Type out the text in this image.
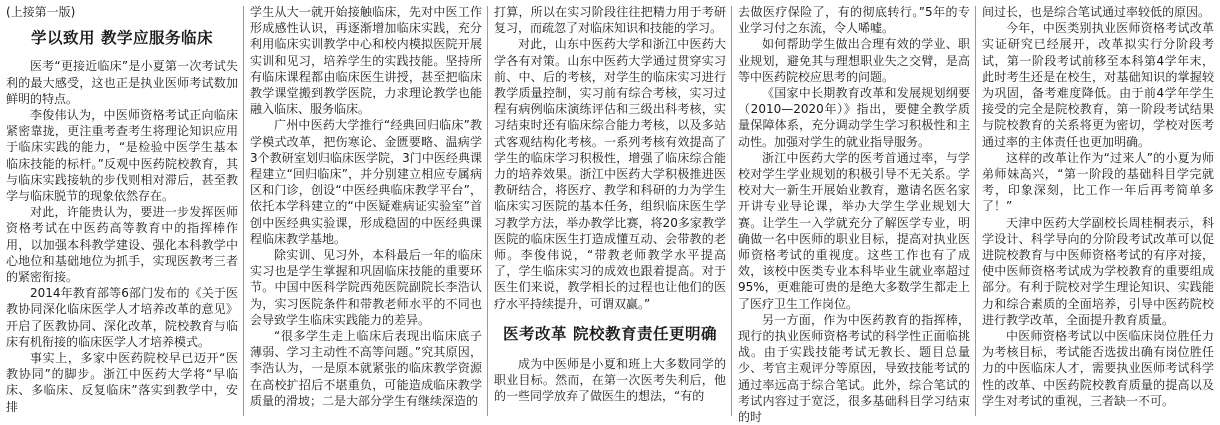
(上接第一版)
学以致用 教学应服务临床

医考“更接近临床”是小夏第一次考试失利的最大感受，这也正是执业医师考试数加鲜明的特点。

李俊伟认为，中医师资格考试正向临床紧密靠拢，更注重考查考生将理论知识应用于临床实践的能力，“是检验中医学生基本临床技能的标杆。”反观中医药院校教育，其与临床实践接轨的步伐则相对滞后，甚至教学与临床脱节的现象依然存在。

对此，许能贵认为，要进一步发挥医师资格考试在中医药高等教育中的指挥棒作用，以加强本科教学建设、强化本科教学中心地位和基础地位为抓手，实现医教考三者的紧密衔接。

2014年教育部等6部门发布的《关于医教协同深化临床医学人才培养改革的意见》开启了医教协同、深化改革，院校教育与临床有机衔接的临床医学人才培养模式。

事实上，多家中医药院校早已迈开“医教协同”的脚步。浙江中医药大学将“早临床、多临床、反复临床”落实到教学中，安排

学生从大一就开始接触临床，先对中医工作形成感性认识，再逐渐增加临床实践，充分利用临床实训教学中心和校内模拟医院开展实训和见习，培养学生的实践技能。坚持所有临床课程都由临床医生讲授，甚至把临床教学课堂搬到教学医院，力求理论教学也能融入临床、服务临床。

广州中医药大学推行“经典回归临床”教学模式改革，把伤寒论、金匮要略、温病学3个教研室划归临床医学院，3门中医经典课程建立“回归临床”，并分别建立相应专属病区和门诊，创设“中医经典临床教学平台”，依托本学科建立的“中医疑难病证实验室”首创中医经典实验课，形成稳固的中医经典课程临床教学基地。

除实训、见习外，本科最后一年的临床实习也是学生掌握和巩固临床技能的重要环节。中国中医科学院西苑医院副院长李浩认为，实习医院条件和带教老师水平的不同也会导致学生临床实践能力的差异。

“很多学生走上临床后表现出临床底子薄弱、学习主动性不高等问题。”究其原因，李浩认为，一是原本就紧张的临床教学资源在高校扩招后不堪重负，可能造成临床教学质量的滑坡；二是大部分学生有继续深造的

打算，所以在实习阶段往往把精力用于考研复习，而疏忽了对临床知识和技能的学习。

对此，山东中医药大学和浙江中医药大学各有对策。山东中医药大学通过贯穿实习前、中、后的考核，对学生的临床实习进行教学质量控制，实习前有综合考核，实习过程有病例临床演练评估和三级出科考核，实习结束时还有临床综合能力考核，以及多站式客观结构化考核。一系列考核有效提高了学生的临床学习积极性，增强了临床综合能力的培养效果。浙江中医药大学积极推进医教研结合，将医疗、教学和科研的力为学生临床实习医院的基本任务，组织临床医生学习教学方法，举办教学比赛，将20多家教学医院的临床医生打造成懂互动、会带教的老师。李俊伟说，“带教老师教学水平提高了，学生临床实习的成效也跟着提高。对于医生们来说，教学相长的过程也让他们的医疗水平持续提升，可谓双赢。”

医考改革 院校教育责任更明确

成为中医师是小夏和班上大多数同学的职业目标。然而，在第一次医考失利后，他的一些同学放弃了做医生的想法，“有的

去做医疗保险了，有的彻底转行。”5年的专业学习付之东流，令人唏嘘。

如何帮助学生做出合理有效的学业、职业规划，避免其与理想职业失之交臂，是高等中医药院校应思考的问题。

《国家中长期教育改革和发展规划纲要（2010—2020年）》指出，要健全教学质量保障体系，充分调动学生学习积极性和主动性。加强对学生的就业指导服务。

浙江中医药大学的医考首通过率，与学校对学生学业规划的积极引导不无关系。学校对大一新生开展始业教育，邀请名医名家开讲专业导论课，举办大学生学业规划大赛。让学生一入学就充分了解医学专业，明确做一名中医师的职业目标，提高对执业医师资格考试的重视度。这些工作也有了成效，该校中医类专业本科毕业生就业率超过95%，更难能可贵的是绝大多数学生都走上了医疗卫生工作岗位。

另一方面，作为中医药教育的指挥棒，现行的执业医师资格考试的科学性正面临挑战。由于实践技能考试无教长、题目总量少、考官主观评分等原因，导致技能考试的通过率远高于综合笔试。此外，综合笔试的考试内容过于宽泛，很多基础科目学习结束的时

间过长，也是综合笔试通过率较低的原因。

今年，中医类别执业医师资格考试改革实证研究已经展开，改革拟实行分阶段考试，第一阶段考试前移至本科第4学年末，此时考生还是在校生，对基础知识的掌握较为巩固，备考难度降低。由于前4学年学生接受的完全是院校教育，第一阶段考试结果与院校教育的关系将更为密切，学校对医考通过率的主体责任也更加明确。

这样的改革让作为“过来人”的小夏为师弟师妹高兴，“第一阶段的基础科目学完就考，印象深刻，比工作一年后再考简单多了！”

天津中医药大学副校长周桂桐表示，科学设计、科学导向的分阶段考试改革可以促进院校教育与中医师资格考试的有序对接，使中医师资格考试成为学校教育的重要组成部分。有利于院校对学生理论知识、实践能力和综合素质的全面培养，引导中医药院校进行教学改革，全面提升教育质量。

中医师资格考试以中医临床岗位胜任力为考核目标，考试能否选拔出确有岗位胜任力的中医临床人才，需要执业医师考试科学性的改革、中医药院校教育质量的提高以及学生对考试的重视，三者缺一不可。
